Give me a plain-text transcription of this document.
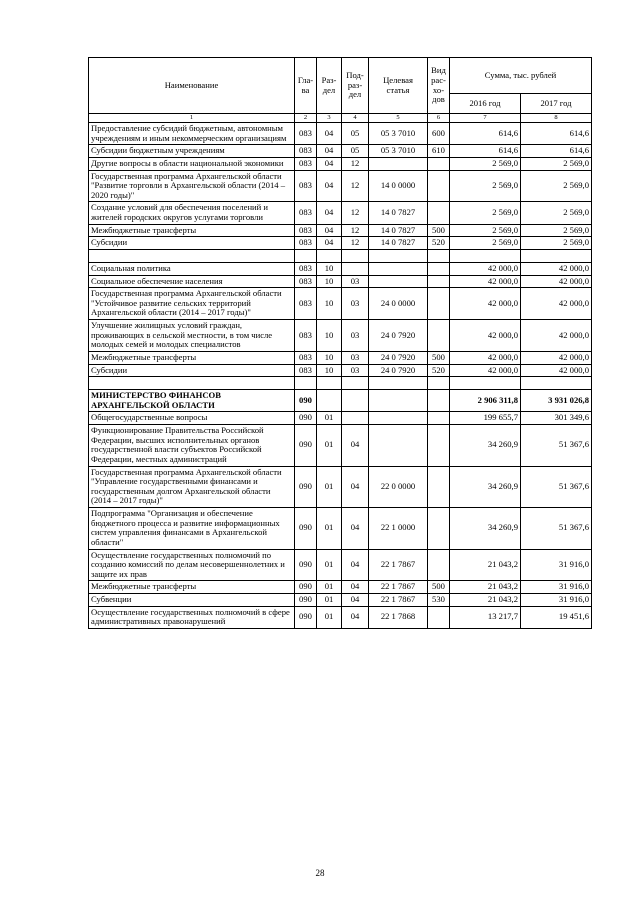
Наименование	Гла-ва	Раз-дел	Под-раз-дел	Целевая статья	Вид рас-хо-дов	Сумма, тыс. рублей	
						2016 год	2017 год
1	2	3	4	5	6	7	8
Предоставление субсидий бюджетным, автономным учреждениям и иным некоммерческим организациям	083	04	05	05 3 7010	600	614,6	614,6
Субсидии бюджетным учреждениям	083	04	05	05 3 7010	610	614,6	614,6
Другие вопросы в области национальной экономики	083	04	12			2 569,0	2 569,0
Государственная программа Архангельской области "Развитие торговли в Архангельской области (2014 – 2020 годы)"	083	04	12	14 0 0000		2 569,0	2 569,0
Создание условий для обеспечения поселений и жителей городских округов услугами торговли	083	04	12	14 0 7827		2 569,0	2 569,0
Межбюджетные трансферты	083	04	12	14 0 7827	500	2 569,0	2 569,0
Субсидии	083	04	12	14 0 7827	520	2 569,0	2 569,0

Социальная политика	083	10				42 000,0	42 000,0
Социальное обеспечение населения	083	10	03			42 000,0	42 000,0
Государственная программа Архангельской области "Устойчивое развитие сельских территорий Архангельской области (2014 – 2017 годы)"	083	10	03	24 0 0000		42 000,0	42 000,0
Улучшение жилищных условий граждан, проживающих в сельской местности, в том числе молодых семей и молодых специалистов	083	10	03	24 0 7920		42 000,0	42 000,0
Межбюджетные трансферты	083	10	03	24 0 7920	500	42 000,0	42 000,0
Субсидии	083	10	03	24 0 7920	520	42 000,0	42 000,0

МИНИСТЕРСТВО ФИНАНСОВ АРХАНГЕЛЬСКОЙ ОБЛАСТИ	090					2 906 311,8	3 931 026,8
Общегосударственные вопросы	090	01				199 655,7	301 349,6
Функционирование Правительства Российской Федерации, высших исполнительных органов государственной власти субъектов Российской Федерации, местных администраций	090	01	04			34 260,9	51 367,6
Государственная программа Архангельской области "Управление государственными финансами и государственным долгом Архангельской области (2014 – 2017 годы)"	090	01	04	22 0 0000		34 260,9	51 367,6
Подпрограмма "Организация и обеспечение бюджетного процесса и развитие информационных систем управления финансами в Архангельской области"	090	01	04	22 1 0000		34 260,9	51 367,6
Осуществление государственных полномочий по созданию комиссий по делам несовершеннолетних и защите их прав	090	01	04	22 1 7867		21 043,2	31 916,0
Межбюджетные трансферты	090	01	04	22 1 7867	500	21 043,2	31 916,0
Субвенции	090	01	04	22 1 7867	530	21 043,2	31 916,0
Осуществление государственных полномочий в сфере административных правонарушений	090	01	04	22 1 7868		13 217,7	19 451,6
28
